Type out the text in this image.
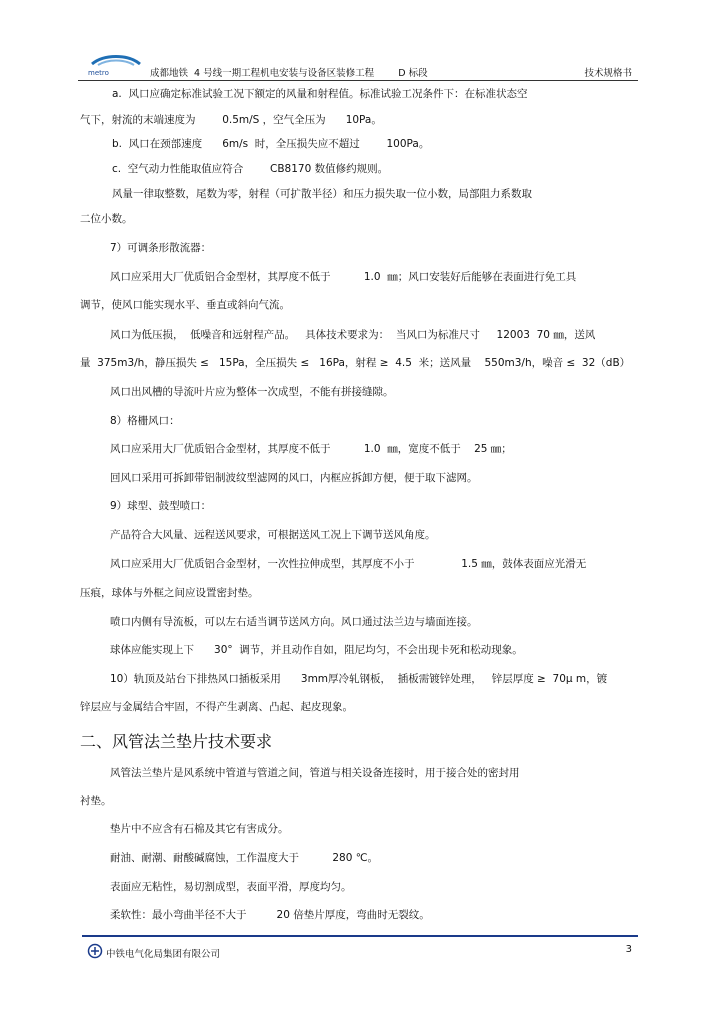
metro	成都地铁  4 号线一期工程机电安装与设备区装修工程        D 标段	技术规格书
a.  风口应确定标准试验工况下额定的风量和射程值。标准试验工况条件下：在标准状态空
气下，射流的末端速度为        0.5m/S ，空气全压为      10Pa。
b.  风口在颈部速度      6m/s  时，全压损失应不超过        100Pa。
c.  空气动力性能取值应符合        CB8170 数值修约规则。
风量一律取整数，尾数为零，射程（可扩散半径）和压力损失取一位小数，局部阻力系数取
二位小数。
7）可调条形散流器：
风口应采用大厂优质铝合金型材，其厚度不低于          1.0  ㎜；风口安装好后能够在表面进行免工具
调节，使风口能实现水平、垂直或斜向气流。
风口为低压损，  低噪音和远射程产品。   具体技术要求为：  当风口为标准尺寸     12003  70 ㎜，送风
量  375m3/h，静压损失 ≤   15Pa，全压损失 ≤   16Pa，射程 ≥  4.5  米；送风量    550m3/h，噪音 ≤  32（dB）
风口出风槽的导流叶片应为整体一次成型，不能有拼接缝隙。
8）格栅风口：
风口应采用大厂优质铝合金型材，其厚度不低于          1.0  ㎜，宽度不低于    25 ㎜；
回风口采用可拆卸带铝制波纹型滤网的风口，内框应拆卸方便，便于取下滤网。
9）球型、鼓型喷口：
产品符合大风量、远程送风要求，可根据送风工况上下调节送风角度。
风口应采用大厂优质铝合金型材，一次性拉伸成型，其厚度不小于              1.5 ㎜，鼓体表面应光滑无
压痕，球体与外框之间应设置密封垫。
喷口内侧有导流板，可以左右适当调节送风方向。风口通过法兰边与墙面连接。
球体应能实现上下      30°  调节，并且动作自如，阻尼均匀，不会出现卡死和松动现象。
10）轨顶及站台下排热风口插板采用      3mm厚冷轧钢板，  插板需镀锌处理，   锌层厚度 ≥  70μ m，镀
锌层应与金属结合牢固，不得产生剥离、凸起、起皮现象。
二、风管法兰垫片技术要求
风管法兰垫片是风系统中管道与管道之间，管道与相关设备连接时，用于接合处的密封用
衬垫。
垫片中不应含有石棉及其它有害成分。
耐油、耐潮、耐酸碱腐蚀，工作温度大于          280 ℃。
表面应无粘性，易切割成型，表面平滑，厚度均匀。
柔软性：最小弯曲半径不大于         20 倍垫片厚度，弯曲时无裂纹。
中铁电气化局集团有限公司	3
